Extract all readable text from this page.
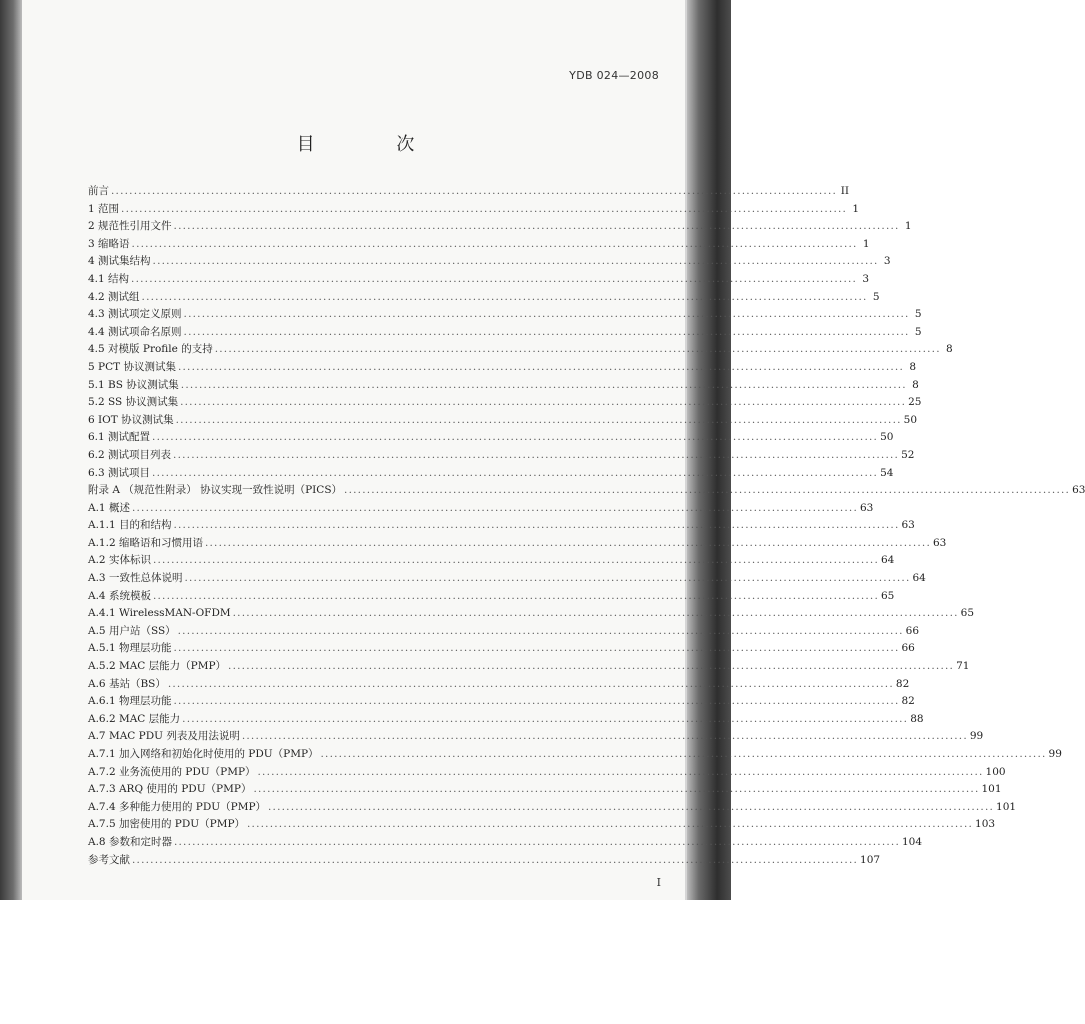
YDB 024—2008
目 次
前言 ................................................................................................................................................................ II
1 范围 ................................................................................................................................................................ 1
2 规范性引用文件 ................................................................................................................................................................ 1
3 缩略语 ................................................................................................................................................................ 1
4 测试集结构 ................................................................................................................................................................ 3
4.1 结构 ................................................................................................................................................................ 3
4.2 测试组 ................................................................................................................................................................ 5
4.3 测试项定义原则 ................................................................................................................................................................ 5
4.4 测试项命名原则 ................................................................................................................................................................ 5
4.5 对模版 Profile 的支持 ................................................................................................................................................................ 8
5 PCT 协议测试集 ................................................................................................................................................................ 8
5.1 BS 协议测试集 ................................................................................................................................................................ 8
5.2 SS 协议测试集 ................................................................................................................................................................ 25
6 IOT 协议测试集 ................................................................................................................................................................ 50
6.1 测试配置 ................................................................................................................................................................ 50
6.2 测试项目列表 ................................................................................................................................................................ 52
6.3 测试项目 ................................................................................................................................................................ 54
附录 A （规范性附录） 协议实现一致性说明（PICS） ................................................................................................................................................................ 63
A.1 概述 ................................................................................................................................................................ 63
A.1.1 目的和结构 ................................................................................................................................................................ 63
A.1.2 缩略语和习惯用语 ................................................................................................................................................................ 63
A.2 实体标识 ................................................................................................................................................................ 64
A.3 一致性总体说明 ................................................................................................................................................................ 64
A.4 系统模板 ................................................................................................................................................................ 65
A.4.1 WirelessMAN-OFDM ................................................................................................................................................................ 65
A.5 用户站（SS） ................................................................................................................................................................ 66
A.5.1 物理层功能 ................................................................................................................................................................ 66
A.5.2 MAC 层能力（PMP） ................................................................................................................................................................ 71
A.6 基站（BS） ................................................................................................................................................................ 82
A.6.1 物理层功能 ................................................................................................................................................................ 82
A.6.2 MAC 层能力 ................................................................................................................................................................ 88
A.7 MAC PDU 列表及用法说明 ................................................................................................................................................................ 99
A.7.1 加入网络和初始化时使用的 PDU（PMP） ................................................................................................................................................................ 99
A.7.2 业务流使用的 PDU（PMP） ................................................................................................................................................................ 100
A.7.3 ARQ 使用的 PDU（PMP） ................................................................................................................................................................ 101
A.7.4 多种能力使用的 PDU（PMP） ................................................................................................................................................................ 101
A.7.5 加密使用的 PDU（PMP） ................................................................................................................................................................ 103
A.8 参数和定时器 ................................................................................................................................................................ 104
参考文献 ................................................................................................................................................................ 107
I
